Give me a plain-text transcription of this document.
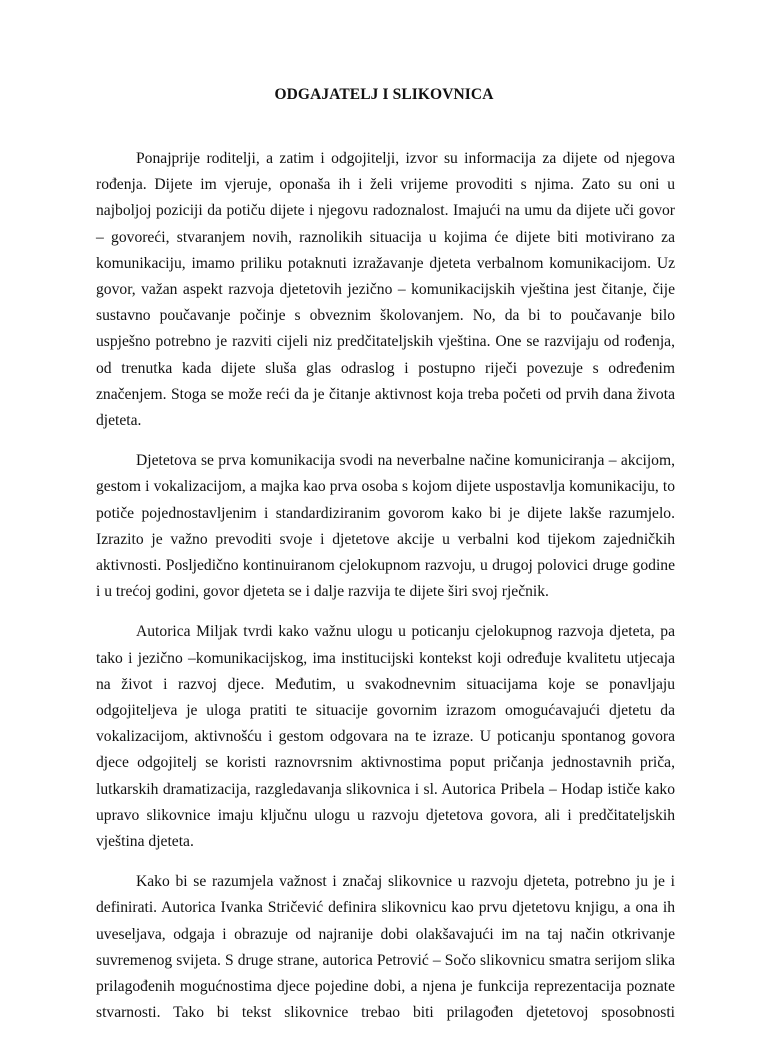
ODGAJATELJ I SLIKOVNICA

Ponajprije roditelji, a zatim i odgojitelji, izvor su informacija za dijete od njegova rođenja. Dijete im vjeruje, oponaša ih i želi vrijeme provoditi s njima. Zato su oni u najboljoj poziciji da potiču dijete i njegovu radoznalost. Imajući na umu da dijete uči govor – govoreći, stvaranjem novih, raznolikih situacija u kojima će dijete biti motivirano za komunikaciju, imamo priliku potaknuti izražavanje djeteta verbalnom komunikacijom. Uz govor, važan aspekt razvoja djetetovih jezično – komunikacijskih vještina jest čitanje, čije sustavno poučavanje počinje s obveznim školovanjem. No, da bi to poučavanje bilo uspješno potrebno je razviti cijeli niz predčitateljskih vještina. One se razvijaju od rođenja, od trenutka kada dijete sluša glas odraslog i postupno riječi povezuje s određenim značenjem. Stoga se može reći da je čitanje aktivnost koja treba početi od prvih dana života djeteta.

Djetetova se prva komunikacija svodi na neverbalne načine komuniciranja – akcijom, gestom i vokalizacijom, a majka kao prva osoba s kojom dijete uspostavlja komunikaciju, to potiče pojednostavljenim i standardiziranim govorom kako bi je dijete lakše razumjelo. Izrazito je važno prevoditi svoje i djetetove akcije u verbalni kod tijekom zajedničkih aktivnosti. Posljedično kontinuiranom cjelokupnom razvoju, u drugoj polovici druge godine i u trećoj godini, govor djeteta se i dalje razvija te dijete širi svoj rječnik.

Autorica Miljak tvrdi kako važnu ulogu u poticanju cjelokupnog razvoja djeteta, pa tako i jezično –komunikacijskog, ima institucijski kontekst koji određuje kvalitetu utjecaja na život i razvoj djece. Međutim, u svakodnevnim situacijama koje se ponavljaju odgojiteljeva je uloga pratiti te situacije govornim izrazom omogućavajući djetetu da vokalizacijom, aktivnošću i gestom odgovara na te izraze. U poticanju spontanog govora djece odgojitelj se koristi raznovrsnim aktivnostima poput pričanja jednostavnih priča, lutkarskih dramatizacija, razgledavanja slikovnica i sl. Autorica Pribela – Hodap ističe kako upravo slikovnice imaju ključnu ulogu u razvoju djetetova govora, ali i predčitateljskih vještina djeteta.

Kako bi se razumjela važnost i značaj slikovnice u razvoju djeteta, potrebno ju je i definirati. Autorica Ivanka Stričević definira slikovnicu kao prvu djetetovu knjigu, a ona ih uveseljava, odgaja i obrazuje od najranije dobi olakšavajući im na taj način otkrivanje suvremenog svijeta. S druge strane, autorica Petrović – Sočo slikovnicu smatra serijom slika prilagođenih mogućnostima djece pojedine dobi, a njena je funkcija reprezentacija poznate stvarnosti. Tako bi tekst slikovnice trebao biti prilagođen djetetovoj sposobnosti
